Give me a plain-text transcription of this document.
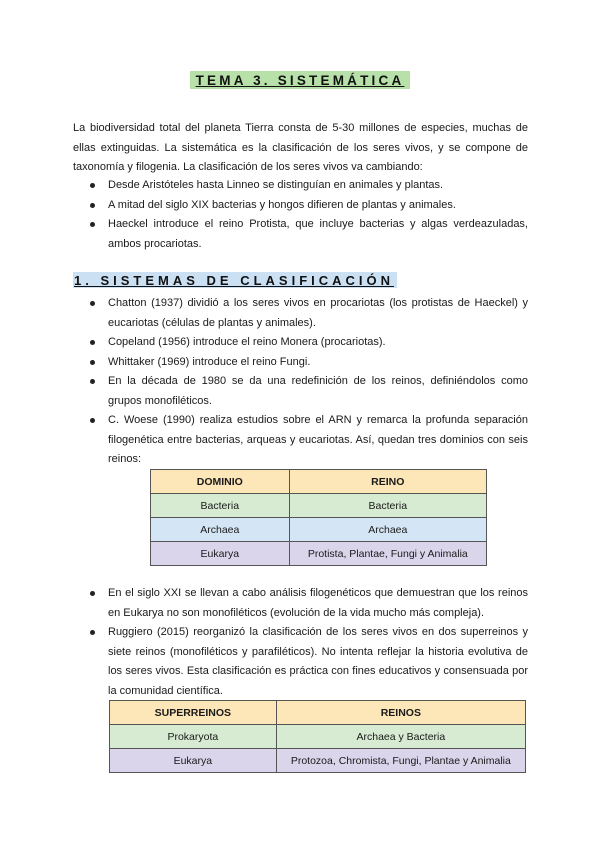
TEMA 3. SISTEMÁTICA

La biodiversidad total del planeta Tierra consta de 5-30 millones de especies, muchas de ellas extinguidas. La sistemática es la clasificación de los seres vivos, y se compone de taxonomía y filogenia. La clasificación de los seres vivos va cambiando:

Desde Aristóteles hasta Linneo se distinguían en animales y plantas.
A mitad del siglo XIX bacterias y hongos difieren de plantas y animales.
Haeckel introduce el reino Protista, que incluye bacterias y algas verdeazuladas, ambos procariotas.
1. SISTEMAS DE CLASIFICACIÓN
Chatton (1937) dividió a los seres vivos en procariotas (los protistas de Haeckel) y eucariotas (células de plantas y animales).
Copeland (1956) introduce el reino Monera (procariotas).
Whittaker (1969) introduce el reino Fungi.
En la década de 1980 se da una redefinición de los reinos, definiéndolos como grupos monofiléticos.
C. Woese (1990) realiza estudios sobre el ARN y remarca la profunda separación filogenética entre bacterias, arqueas y eucariotas. Así, quedan tres dominios con seis reinos:
DOMINIO	REINO
Bacteria	Bacteria
Archaea	Archaea
Eukarya	Protista, Plantae, Fungi y Animalia
En el siglo XXI se llevan a cabo análisis filogenéticos que demuestran que los reinos en Eukarya no son monofiléticos (evolución de la vida mucho más compleja).
Ruggiero (2015) reorganizó la clasificación de los seres vivos en dos superreinos y siete reinos (monofiléticos y parafiléticos). No intenta reflejar la historia evolutiva de los seres vivos. Esta clasificación es práctica con fines educativos y consensuada por la comunidad científica.
SUPERREINOS	REINOS
Prokaryota	Archaea y Bacteria
Eukarya	Protozoa, Chromista, Fungi, Plantae y Animalia
